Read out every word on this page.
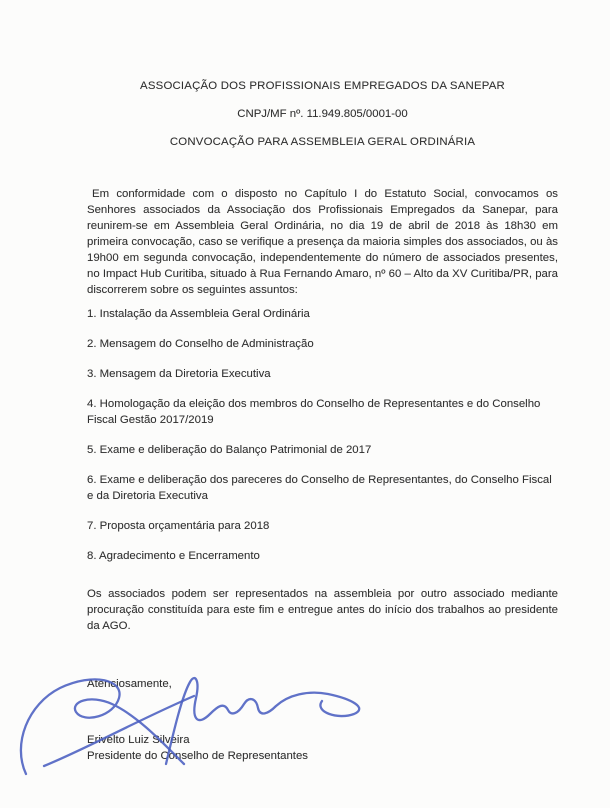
ASSOCIAÇÃO DOS PROFISSIONAIS EMPREGADOS DA SANEPAR

CNPJ/MF nº. 11.949.805/0001-00

CONVOCAÇÃO PARA ASSEMBLEIA GERAL ORDINÁRIA

Em conformidade com o disposto no Capítulo I do Estatuto Social, convocamos os Senhores associados da Associação dos Profissionais Empregados da Sanepar, para reunirem-se em Assembleia Geral Ordinária, no dia 19 de abril de 2018 às 18h30 em primeira convocação, caso se verifique a presença da maioria simples dos associados, ou às 19h00 em segunda convocação, independentemente do número de associados presentes, no Impact Hub Curitiba, situado à Rua Fernando Amaro, nº 60 – Alto da XV Curitiba/PR, para discorrerem sobre os seguintes assuntos:

1. Instalação da Assembleia Geral Ordinária
2. Mensagem do Conselho de Administração
3. Mensagem da Diretoria Executiva
4. Homologação da eleição dos membros do Conselho de Representantes e do Conselho Fiscal Gestão 2017/2019
5. Exame e deliberação do Balanço Patrimonial de 2017
6. Exame e deliberação dos pareceres do Conselho de Representantes, do Conselho Fiscal e da Diretoria Executiva
7. Proposta orçamentária para 2018
8. Agradecimento e Encerramento

Os associados podem ser representados na assembleia por outro associado mediante procuração constituída para este fim e entregue antes do início dos trabalhos ao presidente da AGO.

Atenciosamente,

Erivelto Luiz Silveira

Presidente do Conselho de Representantes
